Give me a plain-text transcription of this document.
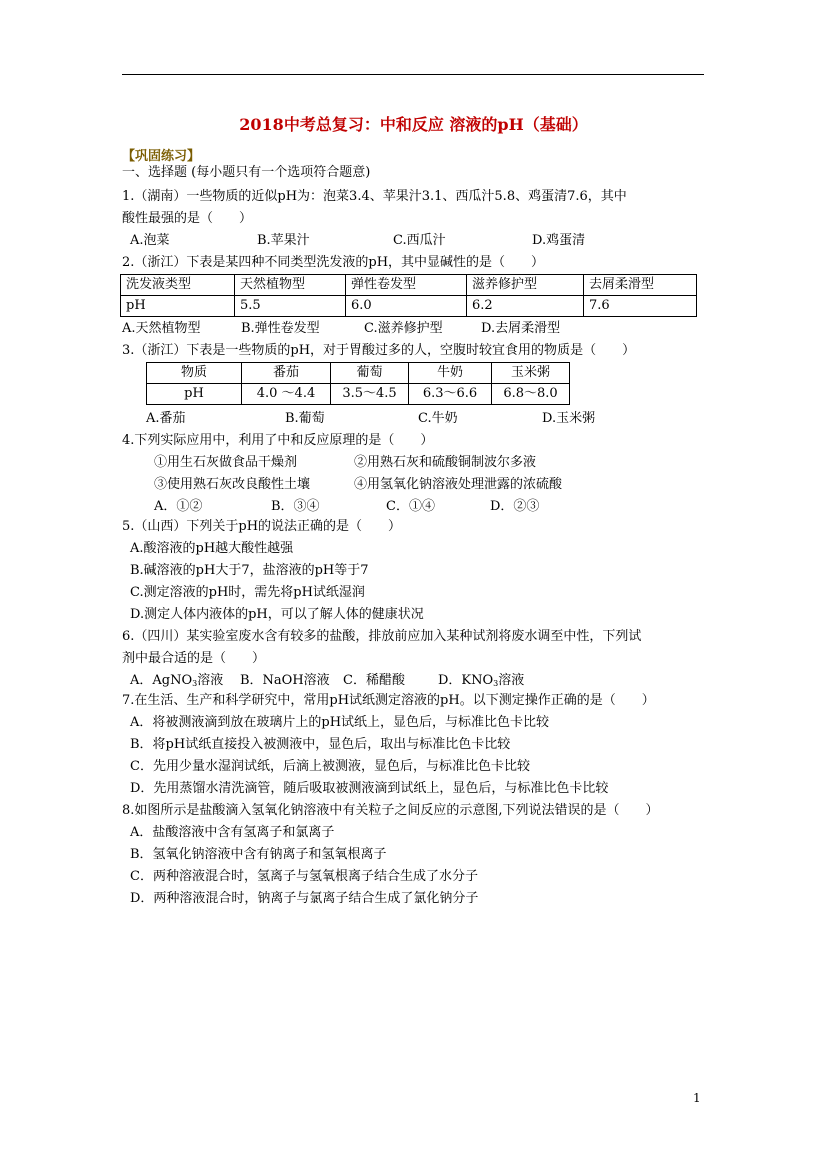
2018中考总复习：中和反应 溶液的pH（基础）
【巩固练习】
一、选择题 (每小题只有一个选项符合题意)
1.（湖南）一些物质的近似pH为：泡菜3.4、苹果汁3.1、西瓜汁5.8、鸡蛋清7.6，其中
酸性最强的是（　　）
A.泡菜	B.苹果汁	C.西瓜汁	D.鸡蛋清
2.（浙江）下表是某四种不同类型洗发液的pH，其中显碱性的是（　　）
洗发液类型	天然植物型	弹性卷发型	滋养修护型	去屑柔滑型
pH	5.5	6.0	6.2	7.6
A.天然植物型	B.弹性卷发型	C.滋养修护型	D.去屑柔滑型
3.（浙江）下表是一些物质的pH，对于胃酸过多的人，空腹时较宜食用的物质是（　　）
物质	番茄	葡萄	牛奶	玉米粥
pH	4.0 ～4.4	3.5～4.5	6.3～6.6	6.8～8.0
A.番茄	B.葡萄	C.牛奶	D.玉米粥
4.下列实际应用中，利用了中和反应原理的是（　　）
①用生石灰做食品干燥剂	②用熟石灰和硫酸铜制波尔多液
③使用熟石灰改良酸性土壤	④用氢氧化钠溶液处理泄露的浓硫酸
A．①②	B．③④	C．①④	D．②③
5.（山西）下列关于pH的说法正确的是（　　）
A.酸溶液的pH越大酸性越强
B.碱溶液的pH大于7，盐溶液的pH等于7
C.测定溶液的pH时，需先将pH试纸湿润
D.测定人体内液体的pH，可以了解人体的健康状况
6.（四川）某实验室废水含有较多的盐酸，排放前应加入某种试剂将废水调至中性，下列试
剂中最合适的是（　　）
A．AgNO$_3$溶液 B．NaOH溶液 C．稀醋酸	D．$KNO_3$溶液
7.在生活、生产和科学研究中，常用pH试纸测定溶液的pH。以下测定操作正确的是（　　）
A．将被测液滴到放在玻璃片上的pH试纸上，显色后，与标准比色卡比较
B．将pH试纸直接投入被测液中，显色后，取出与标准比色卡比较
C．先用少量水湿润试纸，后滴上被测液，显色后，与标准比色卡比较
D．先用蒸馏水清洗滴管，随后吸取被测液滴到试纸上，显色后，与标准比色卡比较
8.如图所示是盐酸滴入氢氧化钠溶液中有关粒子之间反应的示意图,下列说法错误的是（　　）
A．盐酸溶液中含有氢离子和氯离子
B．氢氧化钠溶液中含有钠离子和氢氧根离子
C．两种溶液混合时，氢离子与氢氧根离子结合生成了水分子
D．两种溶液混合时，钠离子与氯离子结合生成了氯化钠分子
1
